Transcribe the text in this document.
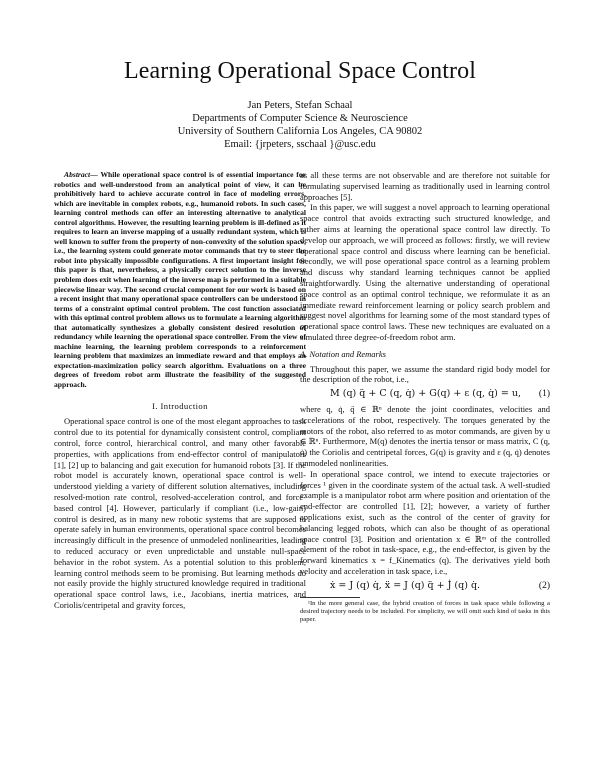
Learning Operational Space Control
Jan Peters, Stefan Schaal
Departments of Computer Science & Neuroscience
University of Southern California Los Angeles, CA 90802
Email: {jrpeters, sschaal }@usc.edu

Abstract— While operational space control is of essential importance for robotics and well-understood from an analytical point of view, it can be prohibitively hard to achieve accurate control in face of modeling errors, which are inevitable in complex robots, e.g., humanoid robots. In such cases, learning control methods can offer an interesting alternative to analytical control algorithms. However, the resulting learning problem is ill-defined as it requires to learn an inverse mapping of a usually redundant system, which is well known to suffer from the property of non-convexity of the solution space, i.e., the learning system could generate motor commands that try to steer the robot into physically impossible configurations. A first important insight for this paper is that, nevertheless, a physically correct solution to the inverse problem does exit when learning of the inverse map is performed in a suitable piecewise linear way. The second crucial component for our work is based on a recent insight that many operational space controllers can be understood in terms of a constraint optimal control problem. The cost function associated with this optimal control problem allows us to formulate a learning algorithm that automatically synthesizes a globally consistent desired resolution of redundancy while learning the operational space controller. From the view of machine learning, the learning problem corresponds to a reinforcement learning problem that maximizes an immediate reward and that employs an expectation-maximization policy search algorithm. Evaluations on a three degrees of freedom robot arm illustrate the feasibility of the suggested approach.

I. Introduction

Operational space control is one of the most elegant approaches to task control due to its potential for dynamically consistent control, compliant control, force control, hierarchical control, and many other favorable properties, with applications from end-effector control of manipulators [1], [2] up to balancing and gait execution for humanoid robots [3]. If the robot model is accurately known, operational space control is well-understood yielding a variety of different solution alternatives, including resolved-motion rate control, resolved-acceleration control, and force-based control [4]. However, particularly if compliant (i.e., low-gain) control is desired, as in many new robotic systems that are supposed to operate safely in human environments, operational space control becomes increasingly difficult in the presence of unmodeled nonlinearities, leading to reduced accuracy or even unpredictable and unstable null-space behavior in the robot system. As a potential solution to this problem, learning control methods seem to be promising. But learning methods do not easily provide the highly structured knowledge required in traditional operational space control laws, i.e., Jacobians, inertia matrices, and Coriolis/centripetal and gravity forces,

as all these terms are not observable and are therefore not suitable for formulating supervised learning as traditionally used in learning control approaches [5].

In this paper, we will suggest a novel approach to learning operational space control that avoids extracting such structured knowledge, and rather aims at learning the operational space control law directly. To develop our approach, we will proceed as follows: firstly, we will review operational space control and discuss where learning can be beneficial. Secondly, we will pose operational space control as a learning problem and discuss why standard learning techniques cannot be applied straightforwardly. Using the alternative understanding of operational space control as an optimal control technique, we reformulate it as an immediate reward reinforcement learning or policy search problem and suggest novel algorithms for learning some of the most standard types of operational space control laws. These new techniques are evaluated on a simulated three degree-of-freedom robot arm.

A. Notation and Remarks

Throughout this paper, we assume the standard rigid body model for the description of the robot, i.e.,

M (q) q̈ + C (q, q̇) + G(q) + ε (q, q̇) = u, (1)

where q, q̇, q̈ ∈ ℝⁿ denote the joint coordinates, velocities and accelerations of the robot, respectively. The torques generated by the motors of the robot, also referred to as motor commands, are given by u ∈ ℝⁿ. Furthermore, M(q) denotes the inertia tensor or mass matrix, C (q, q̇) the Coriolis and centripetal forces, G(q) is gravity and ε (q, q̇) denotes unmodeled nonlinearities.

In operational space control, we intend to execute trajectories or forces ¹ given in the coordinate system of the actual task. A well-studied example is a manipulator robot arm where position and orientation of the end-effector are controlled [1], [2]; however, a variety of further applications exist, such as the control of the center of gravity for balancing legged robots, which can also be thought of as operational space control [3]. Position and orientation x ∈ ℝᵐ of the controlled element of the robot in task-space, e.g., the end-effector, is given by the forward kinematics x = f_Kinematics (q). The derivatives yield both velocity and acceleration in task space, i.e.,

ẋ = J (q) q̇, ẍ = J (q) q̈ + J̇ (q) q̇.	(2)

¹In the more general case, the hybrid creation of forces in task space while following a desired trajectory needs to be included. For simplicity, we will omit such kind of tasks in this paper.
